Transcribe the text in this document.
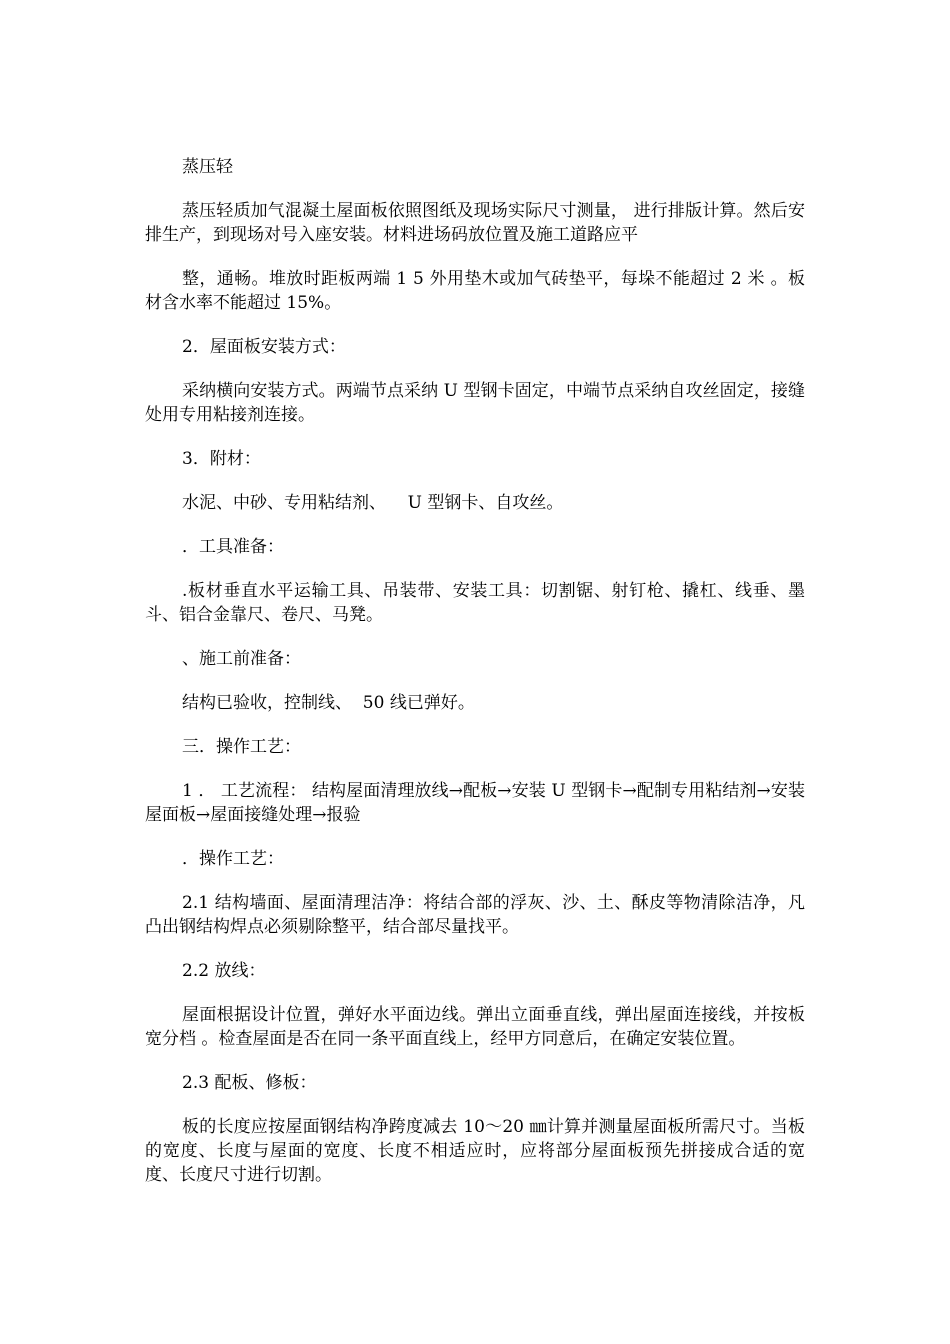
蒸压轻

蒸压轻质加气混凝土屋面板依照图纸及现场实际尺寸测量， 进行排版计算。然后安排生产，到现场对号入座安装。材料进场码放位置及施工道路应平

整，通畅。堆放时距板两端 1 5 外用垫木或加气砖垫平，每垛不能超过 2 米 。板材含水率不能超过 15%。

2．屋面板安装方式：

采纳横向安装方式。两端节点采纳 U 型钢卡固定，中端节点采纳自攻丝固定，接缝处用专用粘接剂连接。

3．附材：

水泥、中砂、专用粘结剂、    U 型钢卡、自攻丝。

．工具准备：

.板材垂直水平运输工具、吊装带、安装工具：切割锯、射钉枪、撬杠、线垂、墨斗、铝合金靠尺、卷尺、马凳。

、施工前准备：

结构已验收，控制线、  50 线已弹好。

三．操作工艺：

1 ． 工艺流程： 结构屋面清理放线→配板→安装 U 型钢卡→配制专用粘结剂→安装屋面板→屋面接缝处理→报验

．操作工艺：

2.1 结构墙面、屋面清理洁净：将结合部的浮灰、沙、土、酥皮等物清除洁净，凡凸出钢结构焊点必须剔除整平，结合部尽量找平。

2.2 放线：

屋面根据设计位置，弹好水平面边线。弹出立面垂直线，弹出屋面连接线，并按板宽分档 。检查屋面是否在同一条平面直线上，经甲方同意后，在确定安装位置。

2.3 配板、修板：

板的长度应按屋面钢结构净跨度减去 10～20 ㎜计算并测量屋面板所需尺寸。当板的宽度、长度与屋面的宽度、长度不相适应时，应将部分屋面板预先拼接成合适的宽度、长度尺寸进行切割。
